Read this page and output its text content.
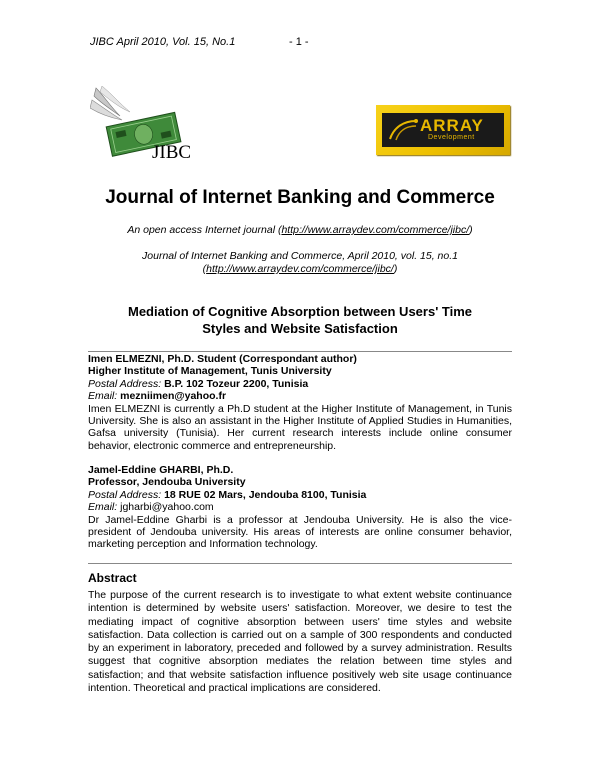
JIBC April 2010, Vol. 15, No.1	- 1 -
JIBC
ARRAY
Development
Journal of Internet Banking and Commerce
An open access Internet journal (http://www.arraydev.com/commerce/jibc/)
Journal of Internet Banking and Commerce, April 2010, vol. 15, no.1
(http://www.arraydev.com/commerce/jibc/)
Mediation of Cognitive Absorption between Users' Time
Styles and Website Satisfaction
Imen ELMEZNI, Ph.D. Student (Correspondant author)
Higher Institute of Management, Tunis University
Postal Address: B.P. 102 Tozeur 2200, Tunisia
Email: mezniimen@yahoo.fr
Imen ELMEZNI is currently a Ph.D student at the Higher Institute of Management, in Tunis University. She is also an assistant in the Higher Institute of Applied Studies in Humanities, Gafsa university (Tunisia). Her current research interests include online consumer behavior, electronic commerce and entrepreneurship.
Jamel-Eddine GHARBI, Ph.D.
Professor, Jendouba University
Postal Address: 18 RUE 02 Mars, Jendouba 8100, Tunisia
Email: jgharbi@yahoo.com
Dr Jamel-Eddine Gharbi is a professor at Jendouba University. He is also the vice-president of Jendouba university. His areas of interests are online consumer behavior, marketing perception and Information technology.
Abstract
The purpose of the current research is to investigate to what extent website continuance intention is determined by website users' satisfaction. Moreover, we desire to test the mediating impact of cognitive absorption between users' time styles and website satisfaction. Data collection is carried out on a sample of 300 respondents and conducted by an experiment in laboratory, preceded and followed by a survey administration. Results suggest that cognitive absorption mediates the relation between time styles and satisfaction; and that website satisfaction influence positively web site usage continuance intention. Theoretical and practical implications are considered.
